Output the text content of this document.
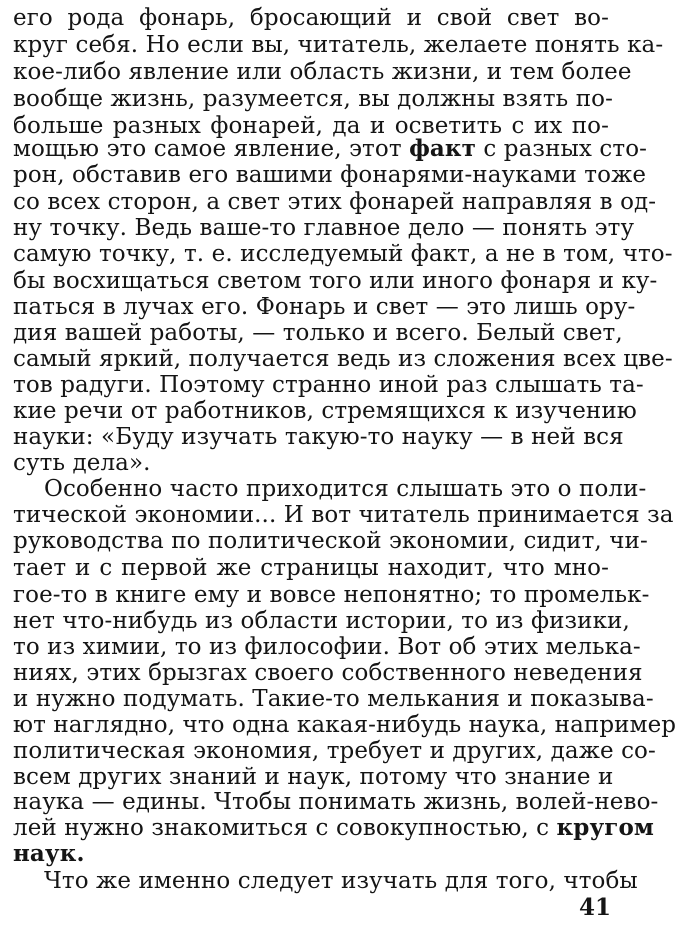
его рода фонарь, бросающий и свой свет во-
круг себя. Но если вы, читатель, желаете понять ка-
кое-либо явление или область жизни, и тем более
вообще жизнь, разумеется, вы должны взять по-
больше разных фонарей, да и осветить с их по-
мощью это самое явление, этот факт с разных сто-
рон, обставив его вашими фонарями-науками тоже
со всех сторон, а свет этих фонарей направляя в од-
ну точку. Ведь ваше-то главное дело — понять эту
самую точку, т. е. исследуемый факт, а не в том, что-
бы восхищаться светом того или иного фонаря и ку-
паться в лучах его. Фонарь и свет — это лишь ору-
дия вашей работы, — только и всего. Белый свет,
самый яркий, получается ведь из сложения всех цве-
тов радуги. Поэтому странно иной раз слышать та-
кие речи от работников, стремящихся к изучению
науки: «Буду изучать такую-то науку — в ней вся
суть дела».
Особенно часто приходится слышать это о поли-
тической экономии... И вот читатель принимается за
руководства по политической экономии, сидит, чи-
тает и с первой же страницы находит, что мно-
гое-то в книге ему и вовсе непонятно; то промельк-
нет что-нибудь из области истории, то из физики,
то из химии, то из философии. Вот об этих мелька-
ниях, этих брызгах своего собственного неведения
и нужно подумать. Такие-то мелькания и показыва-
ют наглядно, что одна какая-нибудь наука, например
политическая экономия, требует и других, даже со-
всем других знаний и наук, потому что знание и
наука — едины. Чтобы понимать жизнь, волей-нево-
лей нужно знакомиться с совокупностью, с кругом
наук.
Что же именно следует изучать для того, чтобы
41
